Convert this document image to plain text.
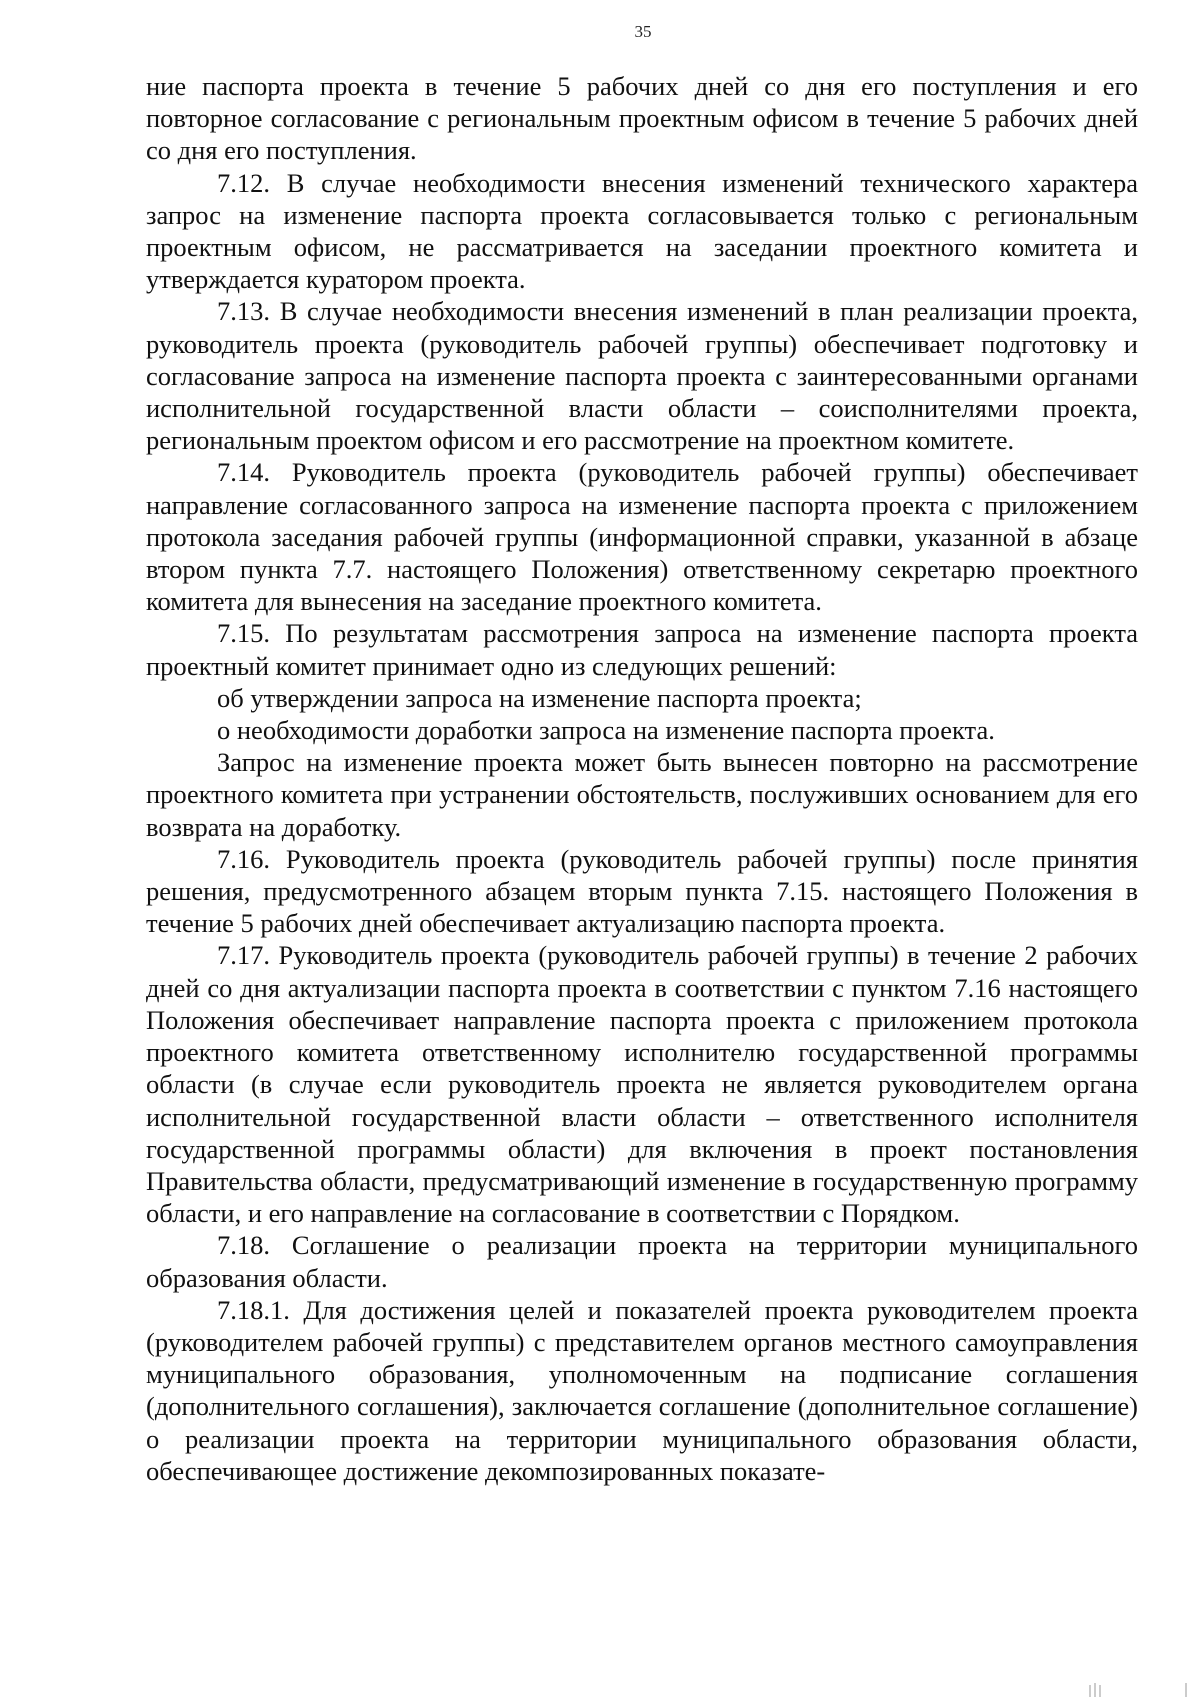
35

ние паспорта проекта в течение 5 рабочих дней со дня его поступления и его повторное согласование с региональным проектным офисом в течение 5 рабочих дней со дня его поступления.

7.12. В случае необходимости внесения изменений технического характера запрос на изменение паспорта проекта согласовывается только с региональным проектным офисом, не рассматривается на заседании проектного комитета и утверждается куратором проекта.

7.13. В случае необходимости внесения изменений в план реализации проекта, руководитель проекта (руководитель рабочей группы) обеспечивает подготовку и согласование запроса на изменение паспорта проекта с заинтересованными органами исполнительной государственной власти области – соисполнителями проекта, региональным проектом офисом и его рассмотрение на проектном комитете.

7.14. Руководитель проекта (руководитель рабочей группы) обеспечивает направление согласованного запроса на изменение паспорта проекта с приложением протокола заседания рабочей группы (информационной справки, указанной в абзаце втором пункта 7.7. настоящего Положения) ответственному секретарю проектного комитета для вынесения на заседание проектного комитета.

7.15. По результатам рассмотрения запроса на изменение паспорта проекта проектный комитет принимает одно из следующих решений:

об утверждении запроса на изменение паспорта проекта;

о необходимости доработки запроса на изменение паспорта проекта.

Запрос на изменение проекта может быть вынесен повторно на рассмотрение проектного комитета при устранении обстоятельств, послуживших основанием для его возврата на доработку.

7.16. Руководитель проекта (руководитель рабочей группы) после принятия решения, предусмотренного абзацем вторым пункта 7.15. настоящего Положения в течение 5 рабочих дней обеспечивает актуализацию паспорта проекта.

7.17. Руководитель проекта (руководитель рабочей группы) в течение 2 рабочих дней со дня актуализации паспорта проекта в соответствии с пунктом 7.16 настоящего Положения обеспечивает направление паспорта проекта с приложением протокола проектного комитета ответственному исполнителю государственной программы области (в случае если руководитель проекта не является руководителем органа исполнительной государственной власти области – ответственного исполнителя государственной программы области) для включения в проект постановления Правительства области, предусматривающий изменение в государственную программу области, и его направление на согласование в соответствии с Порядком.

7.18. Соглашение о реализации проекта на территории муниципального образования области.

7.18.1. Для достижения целей и показателей проекта руководителем проекта (руководителем рабочей группы) с представителем органов местного самоуправления муниципального образования, уполномоченным на подписание соглашения (дополнительного соглашения), заключается соглашение (дополнительное соглашение) о реализации проекта на территории муниципального образования области, обеспечивающее достижение декомпозированных показате-
